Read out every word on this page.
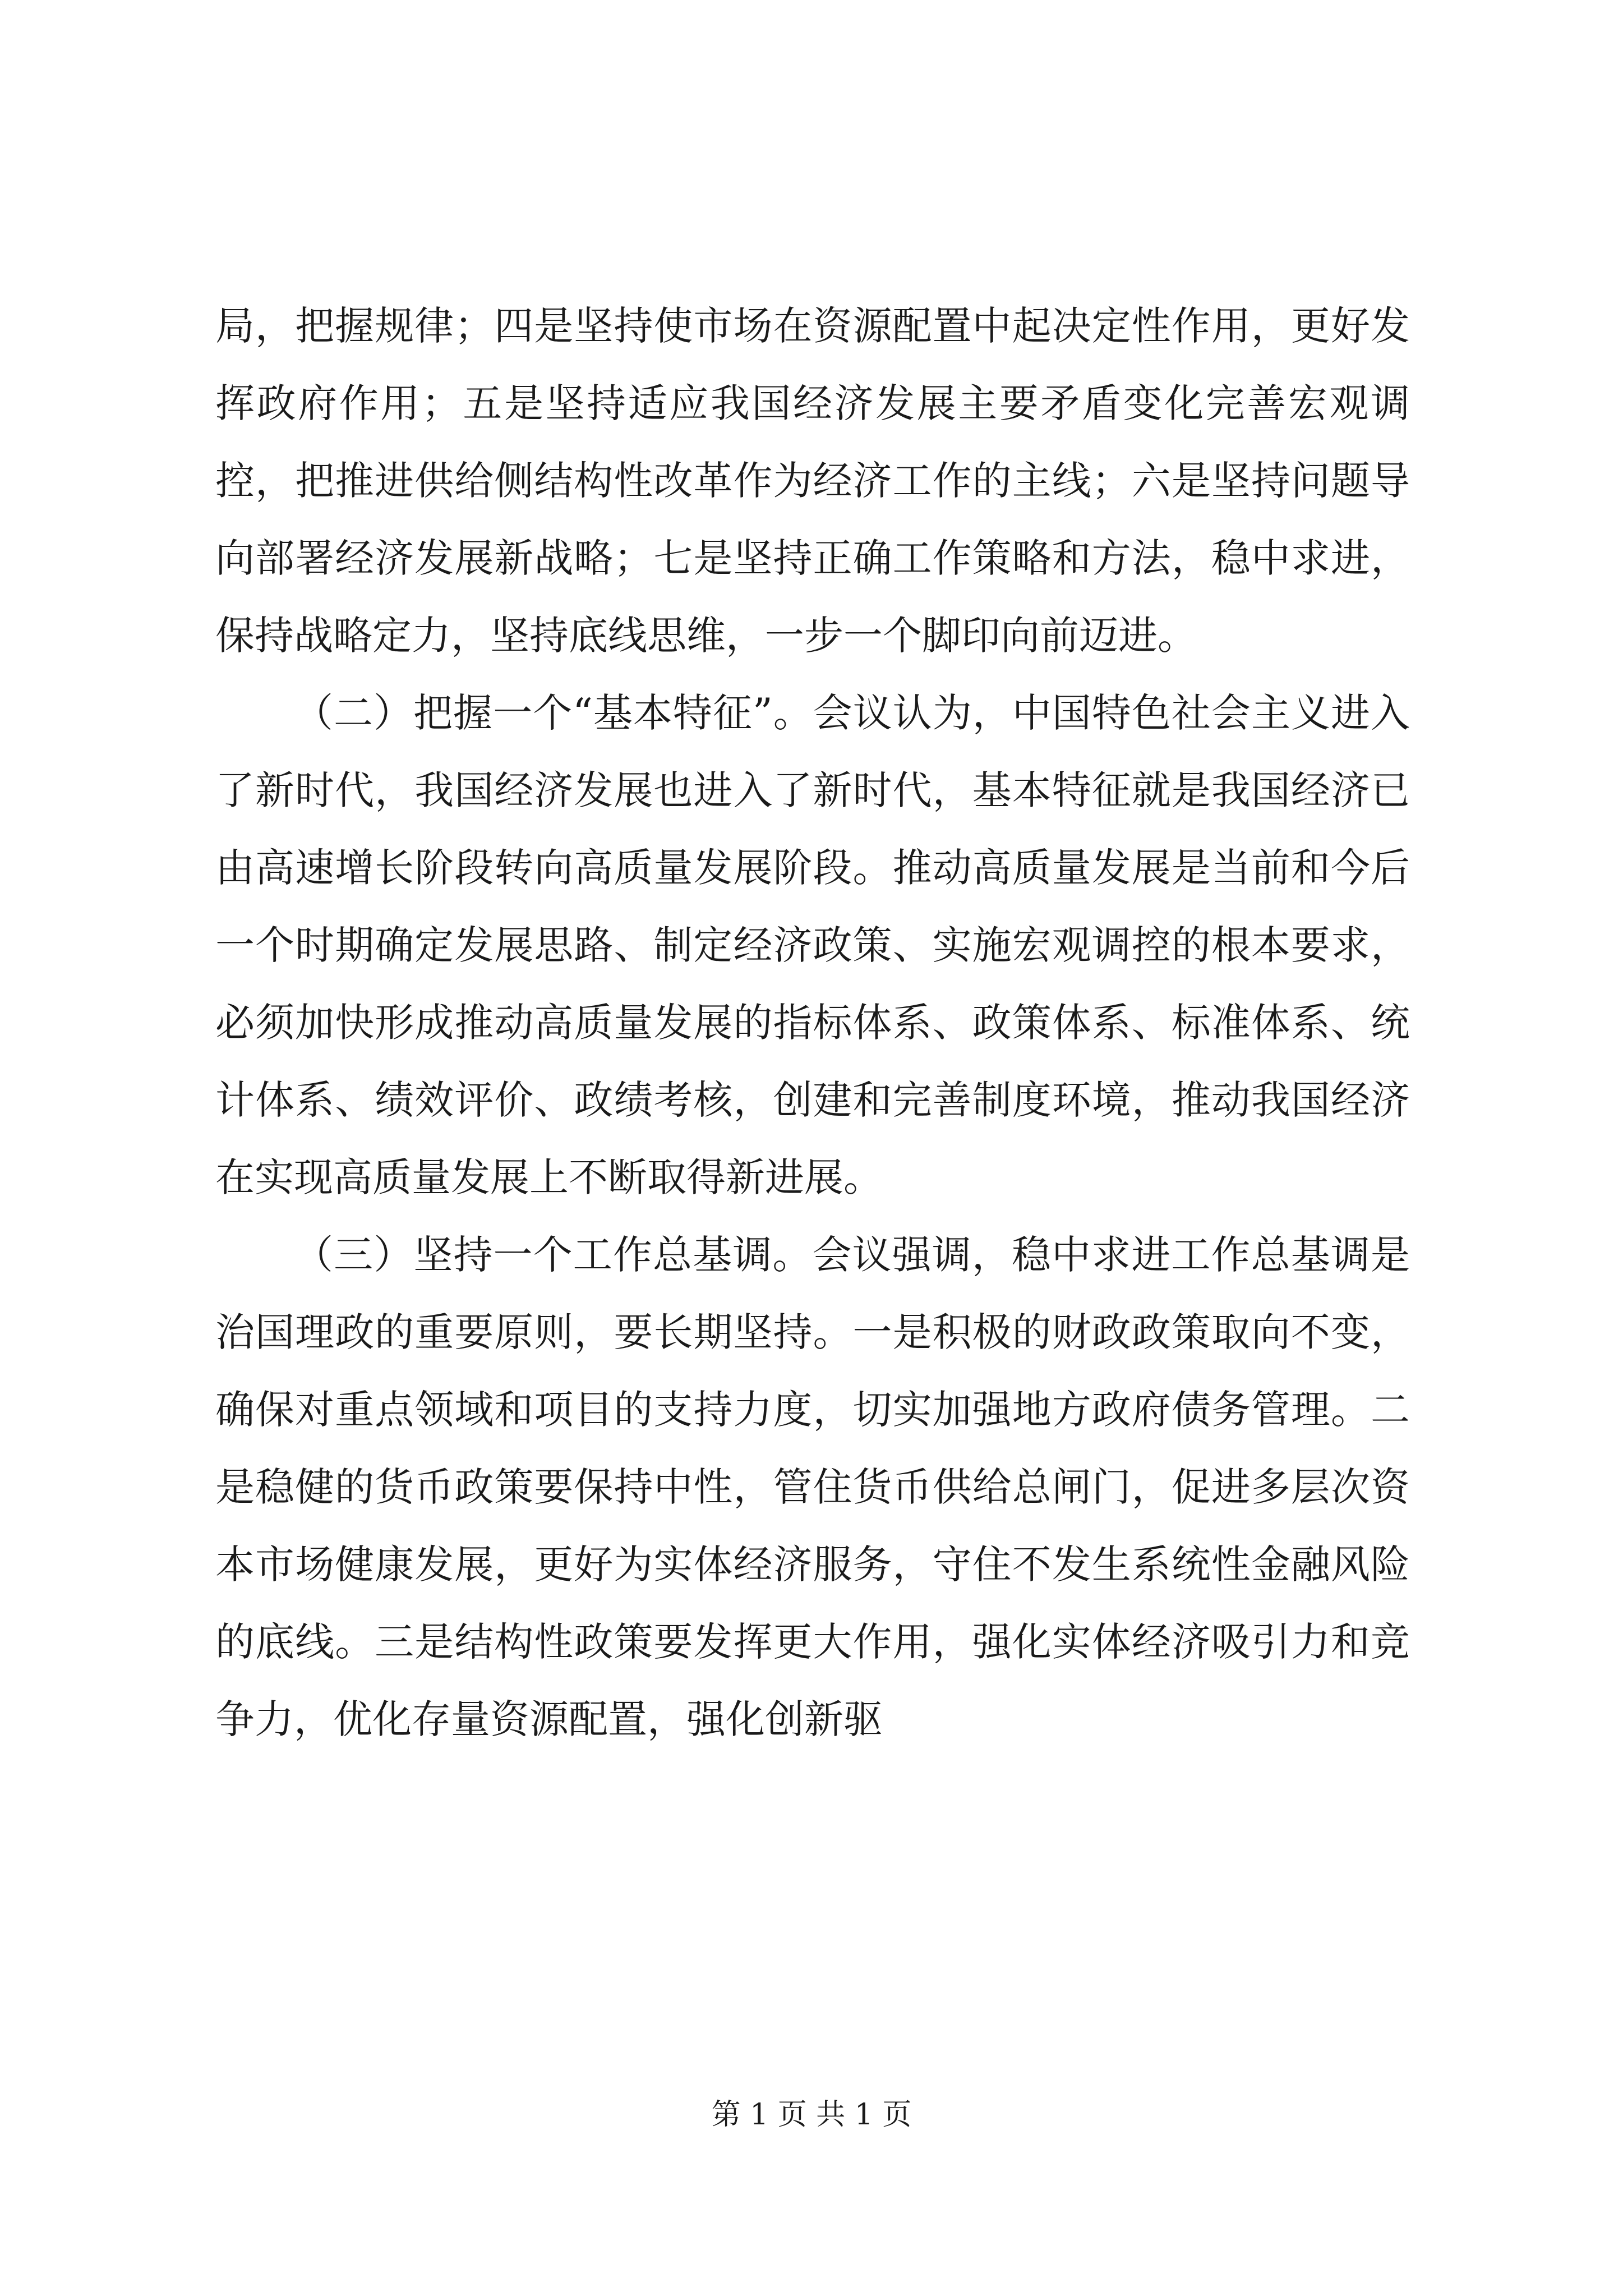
局，把握规律；四是坚持使市场在资源配置中起决定性作用，更好发挥政府作用；五是坚持适应我国经济发展主要矛盾变化完善宏观调控，把推进供给侧结构性改革作为经济工作的主线；六是坚持问题导向部署经济发展新战略；七是坚持正确工作策略和方法，稳中求进，保持战略定力，坚持底线思维，一步一个脚印向前迈进。

（二）把握一个“基本特征”。会议认为，中国特色社会主义进入了新时代，我国经济发展也进入了新时代，基本特征就是我国经济已由高速增长阶段转向高质量发展阶段。推动高质量发展是当前和今后一个时期确定发展思路、制定经济政策、实施宏观调控的根本要求，必须加快形成推动高质量发展的指标体系、政策体系、标准体系、统计体系、绩效评价、政绩考核，创建和完善制度环境，推动我国经济在实现高质量发展上不断取得新进展。

（三）坚持一个工作总基调。会议强调，稳中求进工作总基调是治国理政的重要原则，要长期坚持。一是积极的财政政策取向不变，确保对重点领域和项目的支持力度，切实加强地方政府债务管理。二是稳健的货币政策要保持中性，管住货币供给总闸门，促进多层次资本市场健康发展，更好为实体经济服务，守住不发生系统性金融风险的底线。三是结构性政策要发挥更大作用，强化实体经济吸引力和竞争力，优化存量资源配置，强化创新驱

第 1 页 共 1 页
